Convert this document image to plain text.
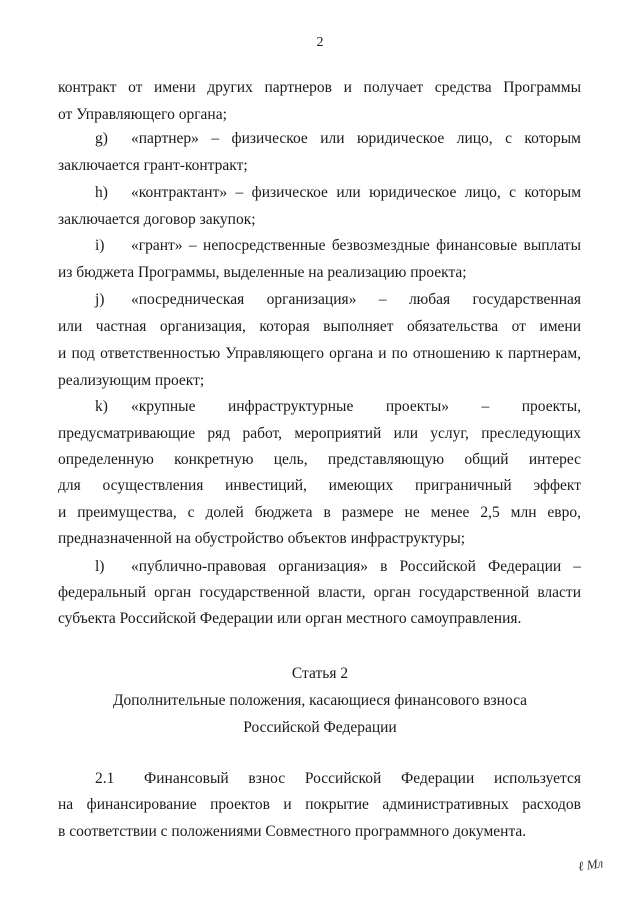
2
контракт от имени других партнеров и получает средства Программы
от Управляющего органа;
g) «партнер» – физическое или юридическое лицо, с которым
заключается грант-контракт;
h) «контрактант» – физическое или юридическое лицо, с которым
заключается договор закупок;
i) «грант» – непосредственные безвозмездные финансовые выплаты
из бюджета Программы, выделенные на реализацию проекта;
j) «посредническая организация» – любая государственная
или частная организация, которая выполняет обязательства от имени
и под ответственностью Управляющего органа и по отношению к партнерам,
реализующим проект;
k) «крупные инфраструктурные проекты» – проекты,
предусматривающие ряд работ, мероприятий или услуг, преследующих
определенную конкретную цель, представляющую общий интерес
для осуществления инвестиций, имеющих приграничный эффект
и преимущества, с долей бюджета в размере не менее 2,5 млн евро,
предназначенной на обустройство объектов инфраструктуры;
l) «публично-правовая организация» в Российской Федерации –
федеральный орган государственной власти, орган государственной власти
субъекта Российской Федерации или орган местного самоуправления.
Статья 2
Дополнительные положения, касающиеся финансового взноса
Российской Федерации
2.1 Финансовый взнос Российской Федерации используется
на финансирование проектов и покрытие административных расходов
в соответствии с положениями Совместного программного документа.
ℓ Мл
